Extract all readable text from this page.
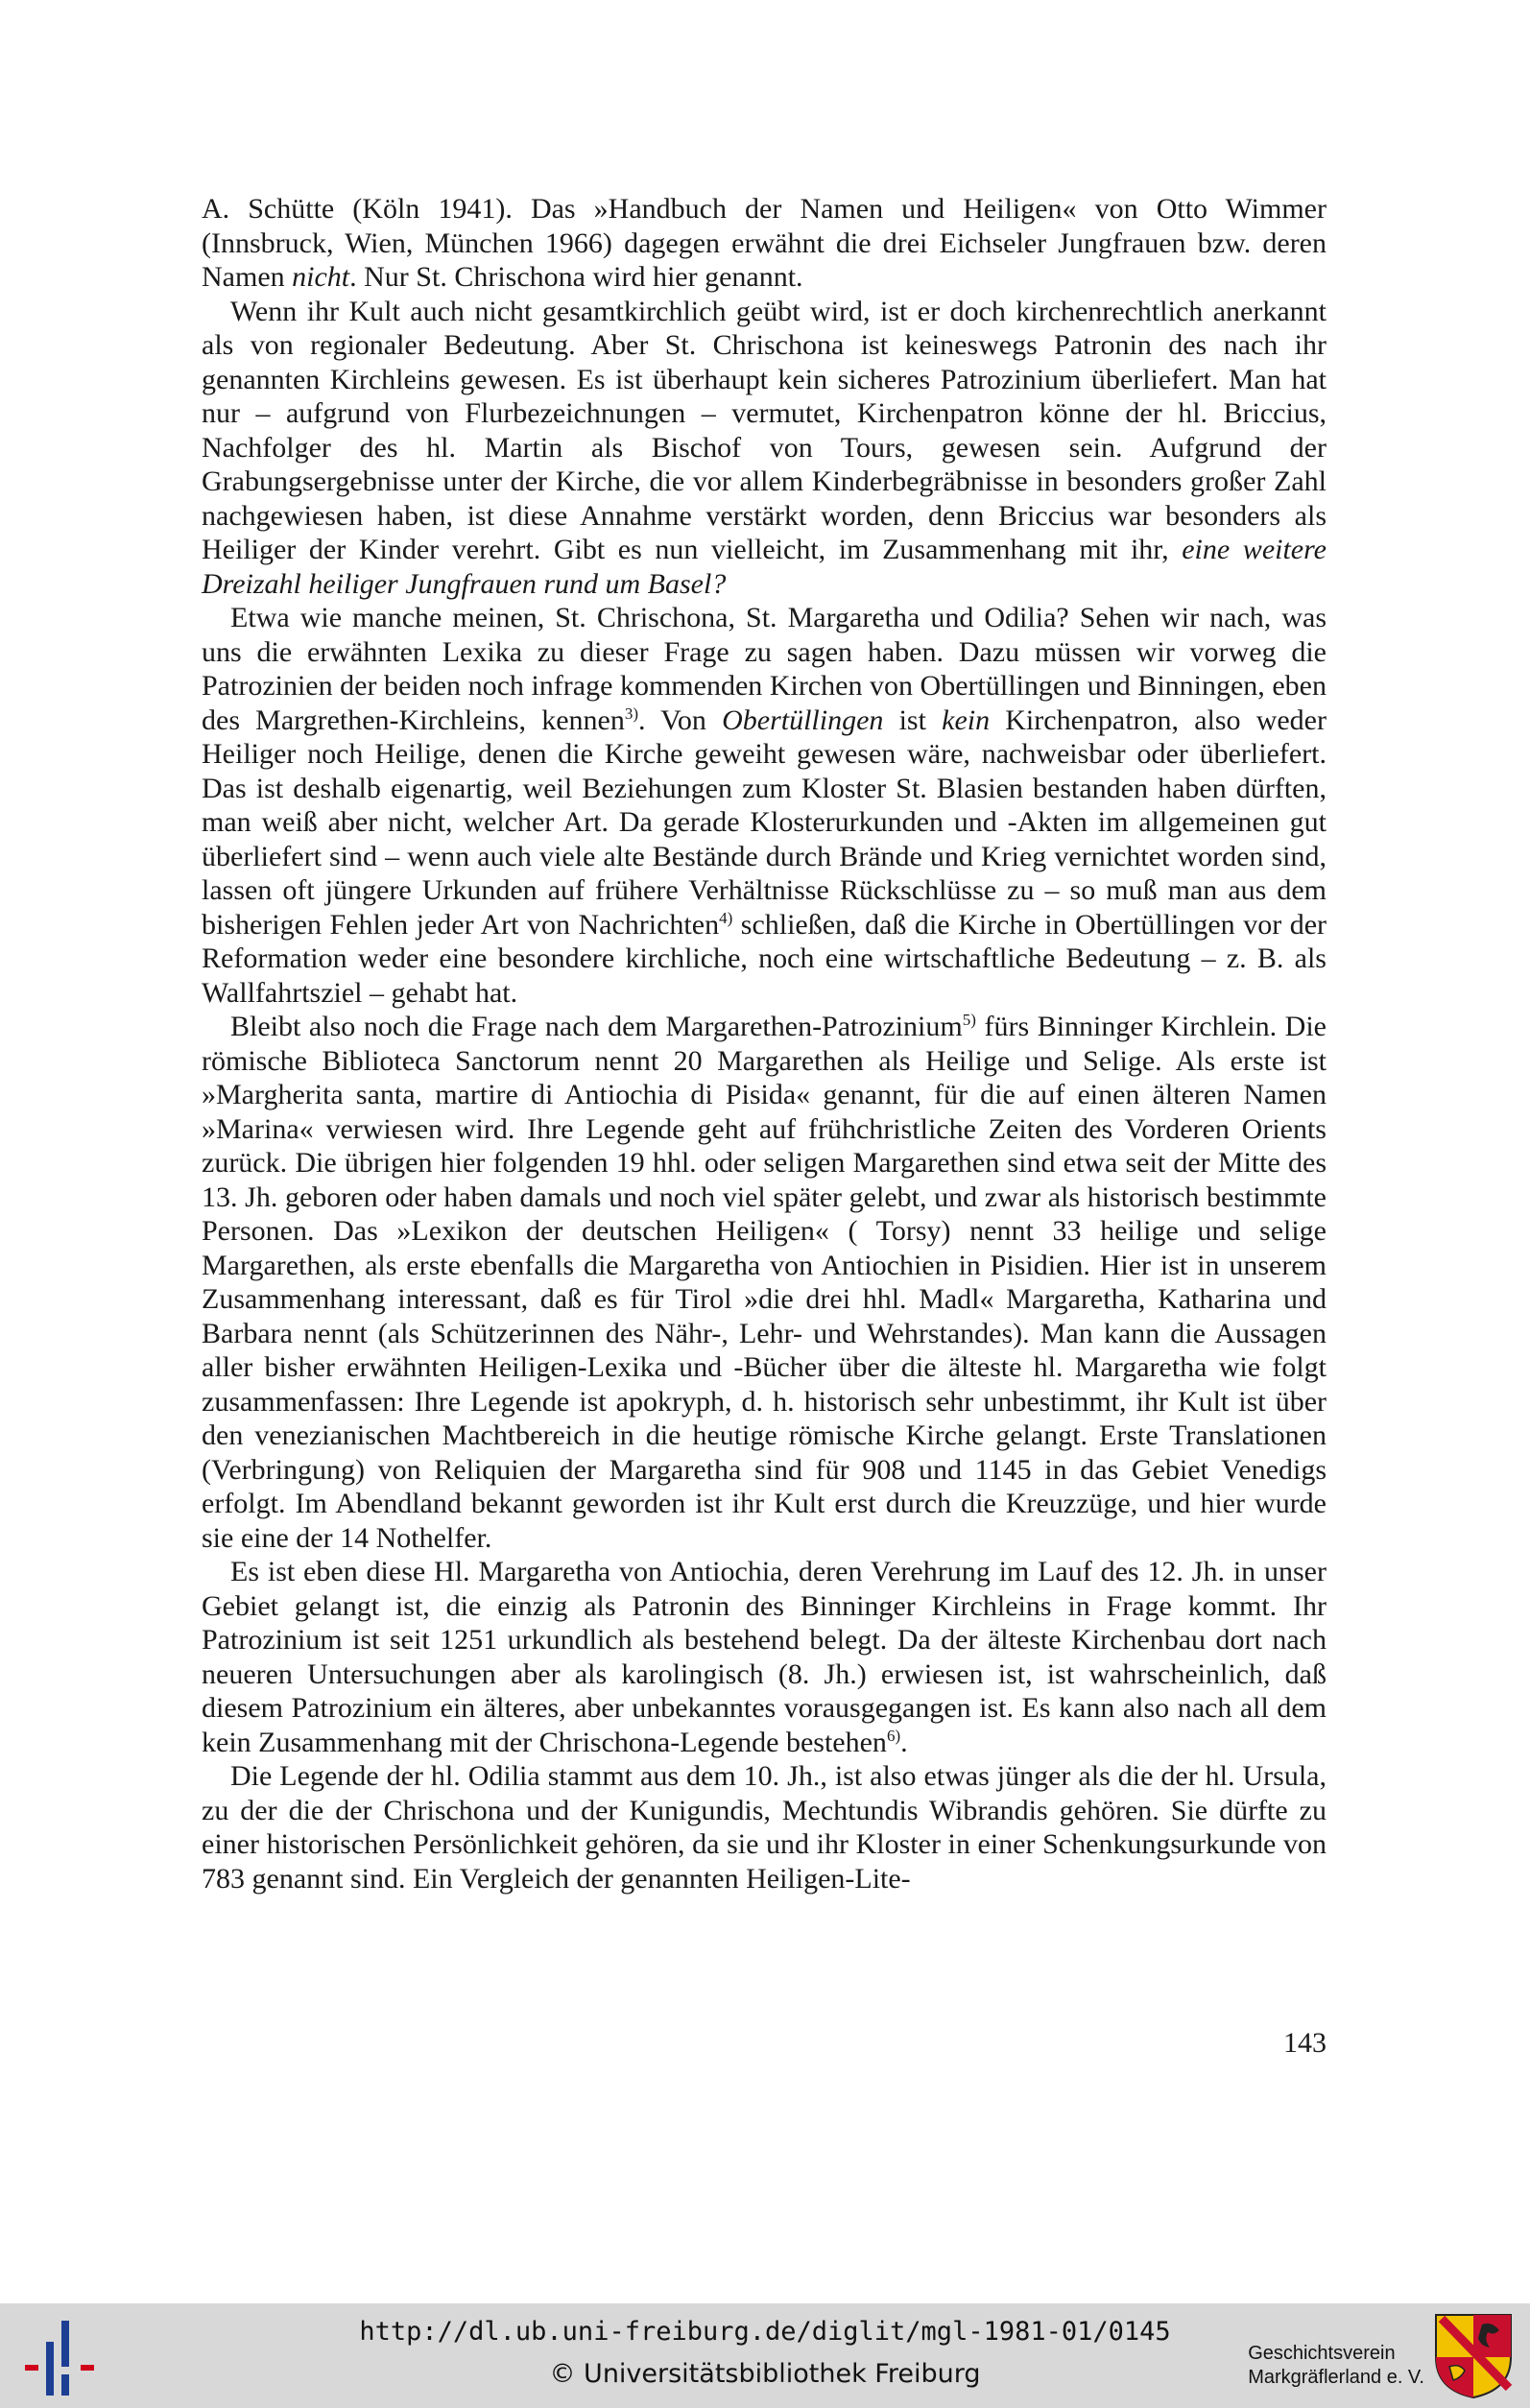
A. Schütte (Köln 1941). Das »Handbuch der Namen und Heiligen« von Otto Wimmer (Innsbruck, Wien, München 1966) dagegen erwähnt die drei Eichseler Jungfrauen bzw. deren Namen nicht. Nur St. Chrischona wird hier genannt.

Wenn ihr Kult auch nicht gesamtkirchlich geübt wird, ist er doch kirchenrechtlich anerkannt als von regionaler Bedeutung. Aber St. Chrischona ist keineswegs Patronin des nach ihr genannten Kirchleins gewesen. Es ist überhaupt kein sicheres Patrozinium überliefert. Man hat nur – aufgrund von Flurbezeichnungen – vermutet, Kirchenpatron könne der hl. Briccius, Nachfolger des hl. Martin als Bischof von Tours, gewesen sein. Aufgrund der Grabungsergebnisse unter der Kirche, die vor allem Kinderbegräbnisse in besonders großer Zahl nachgewiesen haben, ist diese Annahme verstärkt worden, denn Briccius war besonders als Heiliger der Kinder verehrt. Gibt es nun vielleicht, im Zusammenhang mit ihr, eine weitere Dreizahl heiliger Jungfrauen rund um Basel?

Etwa wie manche meinen, St. Chrischona, St. Margaretha und Odilia? Sehen wir nach, was uns die erwähnten Lexika zu dieser Frage zu sagen haben. Dazu müssen wir vorweg die Patrozinien der beiden noch infrage kommenden Kirchen von Obertüllingen und Binningen, eben des Margrethen-Kirchleins, kennen$^{3)}$. Von Obertüllingen ist kein Kirchenpatron, also weder Heiliger noch Heilige, denen die Kirche geweiht gewesen wäre, nachweisbar oder überliefert. Das ist deshalb eigenartig, weil Beziehungen zum Kloster St. Blasien bestanden haben dürften, man weiß aber nicht, welcher Art. Da gerade Klosterurkunden und -Akten im allgemeinen gut überliefert sind – wenn auch viele alte Bestände durch Brände und Krieg vernichtet worden sind, lassen oft jüngere Urkunden auf frühere Verhältnisse Rückschlüsse zu – so muß man aus dem bisherigen Fehlen jeder Art von Nachrichten$^{4)}$ schließen, daß die Kirche in Obertüllingen vor der Reformation weder eine besondere kirchliche, noch eine wirtschaftliche Bedeutung – z. B. als Wallfahrtsziel – gehabt hat.

Bleibt also noch die Frage nach dem Margarethen-Patrozinium$^{5)}$ fürs Binninger Kirchlein. Die römische Biblioteca Sanctorum nennt 20 Margarethen als Heilige und Selige. Als erste ist »Margherita santa, martire di Antiochia di Pisida« genannt, für die auf einen älteren Namen »Marina« verwiesen wird. Ihre Legende geht auf frühchristliche Zeiten des Vorderen Orients zurück. Die übrigen hier folgenden 19 hhl. oder seligen Margarethen sind etwa seit der Mitte des 13. Jh. geboren oder haben damals und noch viel später gelebt, und zwar als historisch bestimmte Personen. Das »Lexikon der deutschen Heiligen« ( Torsy) nennt 33 heilige und selige Margarethen, als erste ebenfalls die Margaretha von Antiochien in Pisidien. Hier ist in unserem Zusammenhang interessant, daß es für Tirol »die drei hhl. Madl« Margaretha, Katharina und Barbara nennt (als Schützerinnen des Nähr-, Lehr- und Wehrstandes). Man kann die Aussagen aller bisher erwähnten Heiligen-Lexika und -Bücher über die älteste hl. Margaretha wie folgt zusammenfassen: Ihre Legende ist apokryph, d. h. historisch sehr unbestimmt, ihr Kult ist über den venezianischen Machtbereich in die heutige römische Kirche gelangt. Erste Translationen (Verbringung) von Reliquien der Margaretha sind für 908 und 1145 in das Gebiet Venedigs erfolgt. Im Abendland bekannt geworden ist ihr Kult erst durch die Kreuzzüge, und hier wurde sie eine der 14 Nothelfer.

Es ist eben diese Hl. Margaretha von Antiochia, deren Verehrung im Lauf des 12. Jh. in unser Gebiet gelangt ist, die einzig als Patronin des Binninger Kirchleins in Frage kommt. Ihr Patrozinium ist seit 1251 urkundlich als bestehend belegt. Da der älteste Kirchenbau dort nach neueren Untersuchungen aber als karolingisch (8. Jh.) erwiesen ist, ist wahrscheinlich, daß diesem Patrozinium ein älteres, aber unbekanntes vorausgegangen ist. Es kann also nach all dem kein Zusammenhang mit der Chrischona-Legende bestehen$^{6)}$.

Die Legende der hl. Odilia stammt aus dem 10. Jh., ist also etwas jünger als die der hl. Ursula, zu der die der Chrischona und der Kunigundis, Mechtundis Wibrandis gehören. Sie dürfte zu einer historischen Persönlichkeit gehören, da sie und ihr Kloster in einer Schenkungsurkunde von 783 genannt sind. Ein Vergleich der genannten Heiligen-Lite-

143
http://dl.ub.uni-freiburg.de/diglit/mgl-1981-01/0145
© Universitätsbibliothek Freiburg
Geschichtsverein
Markgräflerland e. V.
